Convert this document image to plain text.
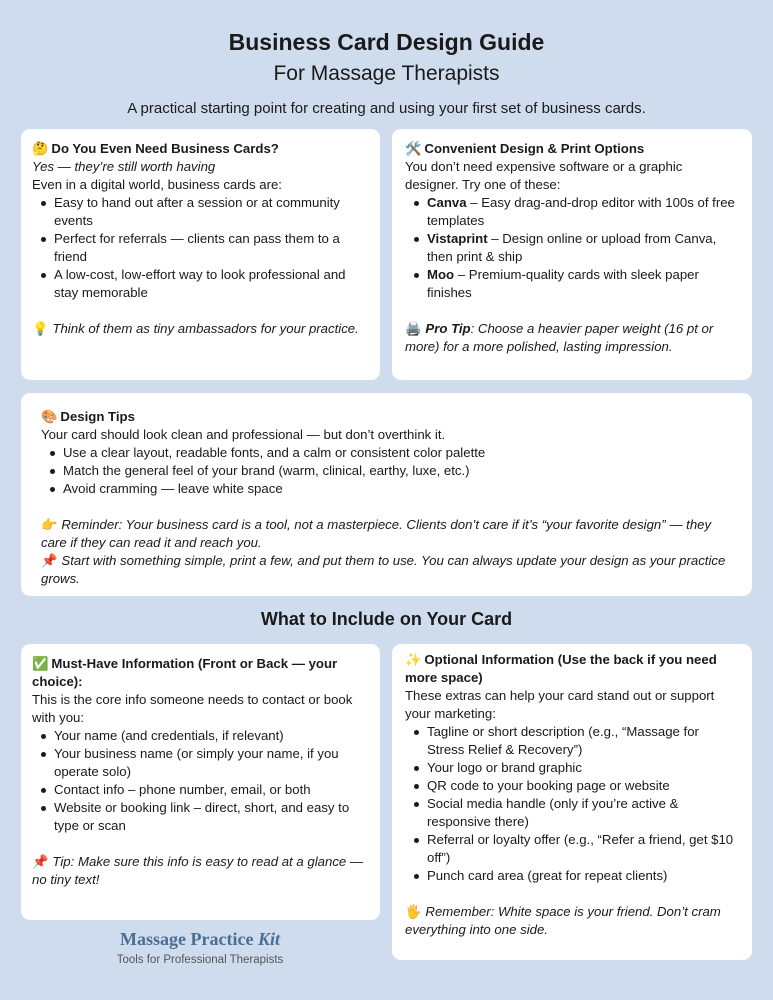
Business Card Design Guide
For Massage Therapists
A practical starting point for creating and using your first set of business cards.
🤔 Do You Even Need Business Cards?

Yes — they’re still worth having

Even in a digital world, business cards are:

Easy to hand out after a session or at community events
Perfect for referrals — clients can pass them to a friend
A low-cost, low-effort way to look professional and stay memorable

💡 Think of them as tiny ambassadors for your practice.

🛠️ Convenient Design & Print Options

You don’t need expensive software or a graphic designer. Try one of these:

Canva – Easy drag-and-drop editor with 100s of free templates
Vistaprint – Design online or upload from Canva, then print & ship
Moo – Premium-quality cards with sleek paper finishes

🖨️ Pro Tip: Choose a heavier paper weight (16 pt or more) for a more polished, lasting impression.

🎨 Design Tips

Your card should look clean and professional — but don’t overthink it.

Use a clear layout, readable fonts, and a calm or consistent color palette
Match the general feel of your brand (warm, clinical, earthy, luxe, etc.)
Avoid cramming — leave white space

👉 Reminder: Your business card is a tool, not a masterpiece. Clients don’t care if it’s “your favorite design” — they care if they can read it and reach you.

📌 Start with something simple, print a few, and put them to use. You can always update your design as your practice grows.

What to Include on Your Card
✅ Must-Have Information (Front or Back — your choice):

This is the core info someone needs to contact or book with you:

Your name (and credentials, if relevant)
Your business name (or simply your name, if you operate solo)
Contact info – phone number, email, or both
Website or booking link – direct, short, and easy to type or scan

📌 Tip: Make sure this info is easy to read at a glance — no tiny text!

✨ Optional Information (Use the back if you need more space)

These extras can help your card stand out or support your marketing:

Tagline or short description (e.g., “Massage for Stress Relief & Recovery”)
Your logo or brand graphic
QR code to your booking page or website
Social media handle (only if you’re active & responsive there)
Referral or loyalty offer (e.g., “Refer a friend, get $10 off”)
Punch card area (great for repeat clients)

🖐️ Remember: White space is your friend. Don’t cram everything into one side.

Massage Practice Kit
Tools for Professional Therapists
